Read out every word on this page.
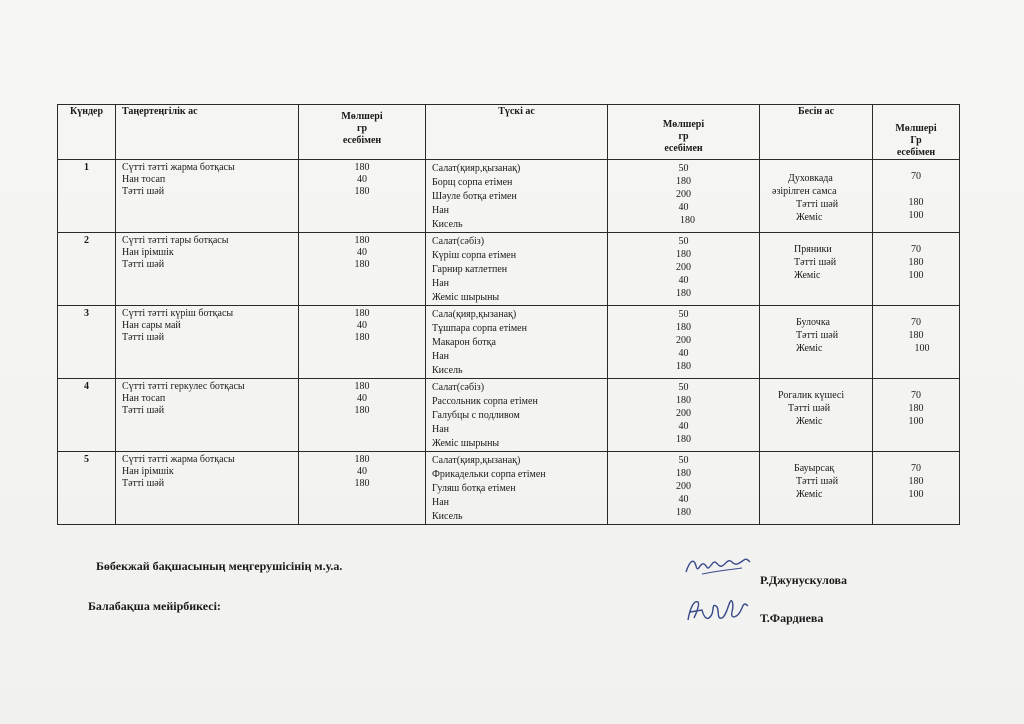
Күндер	Таңертеңгілік ас	Мөлшері
гр
есебімен	Түскі ас	Мөлшері
гр
есебімен	Бесін ас	Мөлшері
Гр
есебімен

1	Сүтті тәтті жарма ботқасы
Нан тосап
Тәтті шәй	180
40
180	Салат(қияр,қызанақ)
Борщ сорпа етімен
Шәуле ботқа етімен
Нан
Кисель	50
180
200
40
180	Духовкада
әзірілген самса
Тәтті шәй
Жеміс	70

180
100

2	Сүтті тәтті тары ботқасы
Нан ірімшік
Тәтті шәй	180
40
180	Салат(сәбіз)
Күріш сорпа етімен
Гарнир катлетпен
Нан
Жеміс шырыны	50
180
200
40
180	Пряники
Тәтті шәй
Жеміс	70
180
100

3	Сүтті тәтті күріш ботқасы
Нан сары май
Тәтті шәй	180
40
180	Сала(қияр,қызанақ)
Тұшпара сорпа етімен
Макарон ботқа
Нан
Кисель	50
180
200
40
180	Булочка
Тәтті шәй
Жеміс	70
180
100

4	Сүтті тәтті геркулес ботқасы
Нан тосап
Тәтті шәй	180
40
180	Салат(сәбіз)
Рассольник сорпа етімен
Галубцы с подливом
Нан
Жеміс шырыны	50
180
200
40
180	Рогалик күшесі
Тәтті шәй
Жеміс	70
180
100

5	Сүтті тәтті жарма ботқасы
Нан ірімшік
Тәтті шәй	180
40
180	Салат(қияр,қызанақ)
Фрикадельки сорпа етімен
Гуляш ботқа етімен
Нан
Кисель	50
180
200
40
180	Бауырсақ
Тәтті шәй
Жеміс	70
180
100
Бөбекжай бақшасының меңгерушісінің м.у.а.
Балабақша мейірбикесі:
Р.Джунускулова
Т.Фардиева
